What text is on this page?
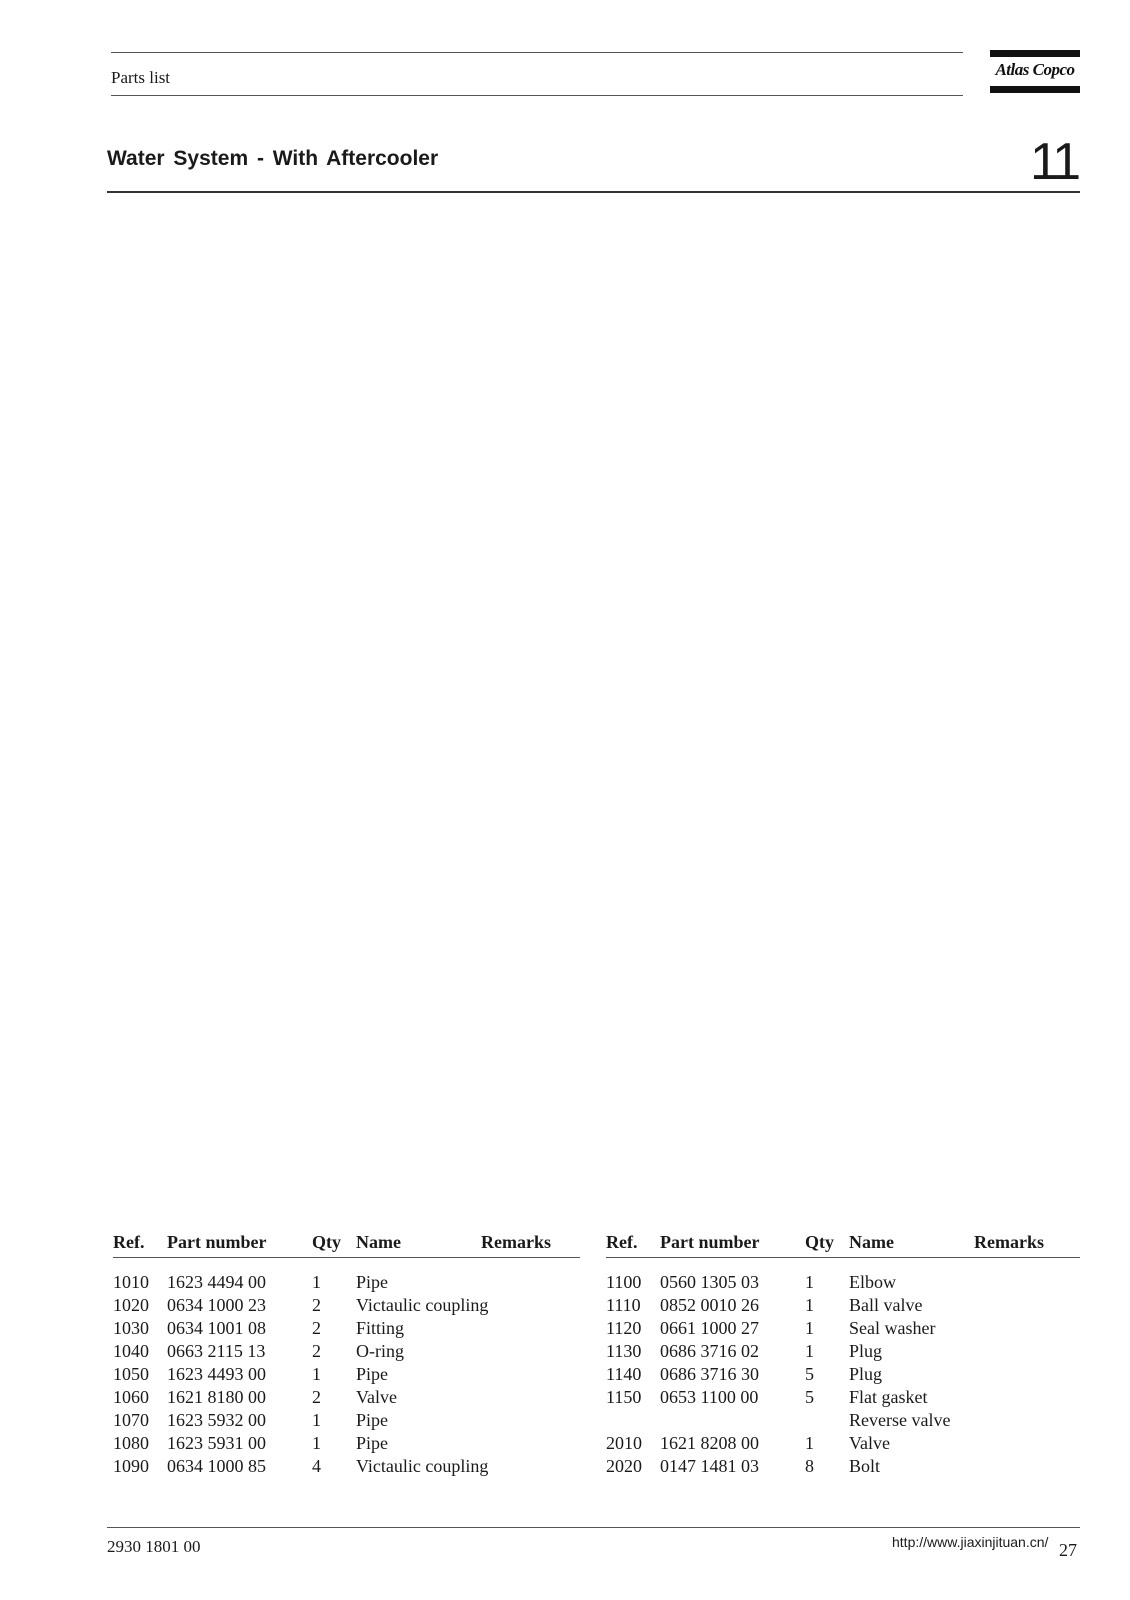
Parts list	Atlas Copco
Water System - With Aftercooler	11
Ref. Part number	Qty Name	Remarks
1010 1623 4494 00	1 Pipe
1020 0634 1000 23	2 Victaulic coupling
1030 0634 1001 08	2 Fitting
1040 0663 2115 13	2 O-ring
1050 1623 4493 00	1 Pipe
1060 1621 8180 00	2 Valve
1070 1623 5932 00	1 Pipe
1080 1623 5931 00	1 Pipe
1090 0634 1000 85	4 Victaulic coupling
Ref. Part number	Qty Name	Remarks
1100 0560 1305 03	1 Elbow
1110 0852 0010 26	1 Ball valve
1120 0661 1000 27	1 Seal washer
1130 0686 3716 02	1 Plug
1140 0686 3716 30	5 Plug
1150 0653 1100 00	5 Flat gasket
Reverse valve
2010 1621 8208 00	1 Valve
2020 0147 1481 03	8 Bolt
2930 1801 00	http://www.jiaxinjituan.cn/ 27
